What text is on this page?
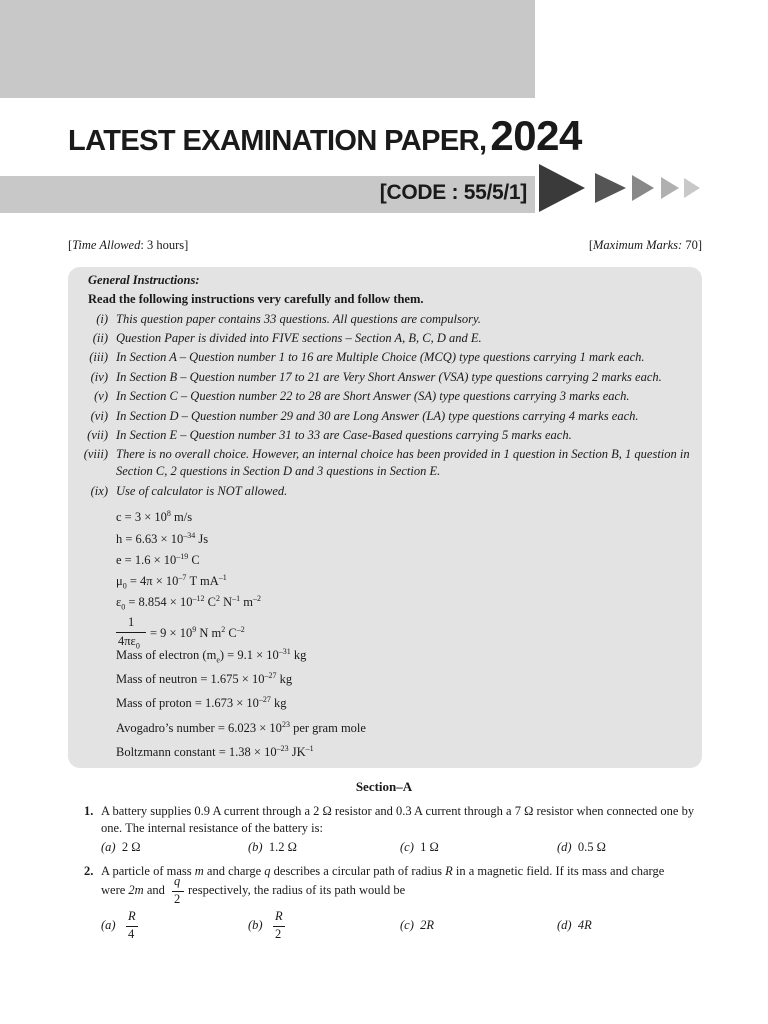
LATEST EXAMINATION PAPER, 2024
[CODE : 55/5/1]
[Time Allowed: 3 hours]	[Maximum Marks: 70]
General Instructions:
Read the following instructions very carefully and follow them.
(i) This question paper contains 33 questions. All questions are compulsory.
(ii) Question Paper is divided into FIVE sections – Section A, B, C, D and E.
(iii) In Section A – Question number 1 to 16 are Multiple Choice (MCQ) type questions carrying 1 mark each.
(iv) In Section B – Question number 17 to 21 are Very Short Answer (VSA) type questions carrying 2 marks each.
(v) In Section C – Question number 22 to 28 are Short Answer (SA) type questions carrying 3 marks each.
(vi) In Section D – Question number 29 and 30 are Long Answer (LA) type questions carrying 4 marks each.
(vii) In Section E – Question number 31 to 33 are Case-Based questions carrying 5 marks each.
(viii) There is no overall choice. However, an internal choice has been provided in 1 question in Section B, 1 question in Section C, 2 questions in Section D and 3 questions in Section E.
(ix) Use of calculator is NOT allowed.
$c = 3 \times 10^8$ m/s
$h = 6.63 \times 10^{-34}$ Js
$e = 1.6 \times 10^{-19}$ C
$\mu_0 = 4\pi \times 10^{-7}$ T $mA^{-1}$
$\varepsilon_0 = 8.854 \times 10^{-12}$ $C^2$ $N^{-1}$ $m^{-2}$
1
$4\pi\varepsilon_0$
= $9 \times 10^9$ N $m^2$ $C^{-2}$
Mass of electron $(m_e) = 9.1 \times 10^{-31}$ kg
Mass of neutron = $1.675 \times 10^{-27}$ kg
Mass of proton = $1.673 \times 10^{-27}$ kg
Avogadro’s number = $6.023 \times 10^{23}$ per gram mole
Boltzmann constant = $1.38 \times 10^{-23}$ $JK^{-1}$
Section–A
1. A battery supplies 0.9 A current through a 2 Ω resistor and 0.3 A current through a 7 Ω resistor when connected one by one. The internal resistance of the battery is:
(a) 2 Ω	(b) 1.2 Ω	(c) 1 Ω	(d) 0.5 Ω
2. A particle of mass m and charge q describes a circular path of radius R in a magnetic field. If its mass and charge
were 2m and
q
2
respectively, the radius of its path would be
(a)
R
4
(b)
R
2
(c) 2R	(d) 4R
